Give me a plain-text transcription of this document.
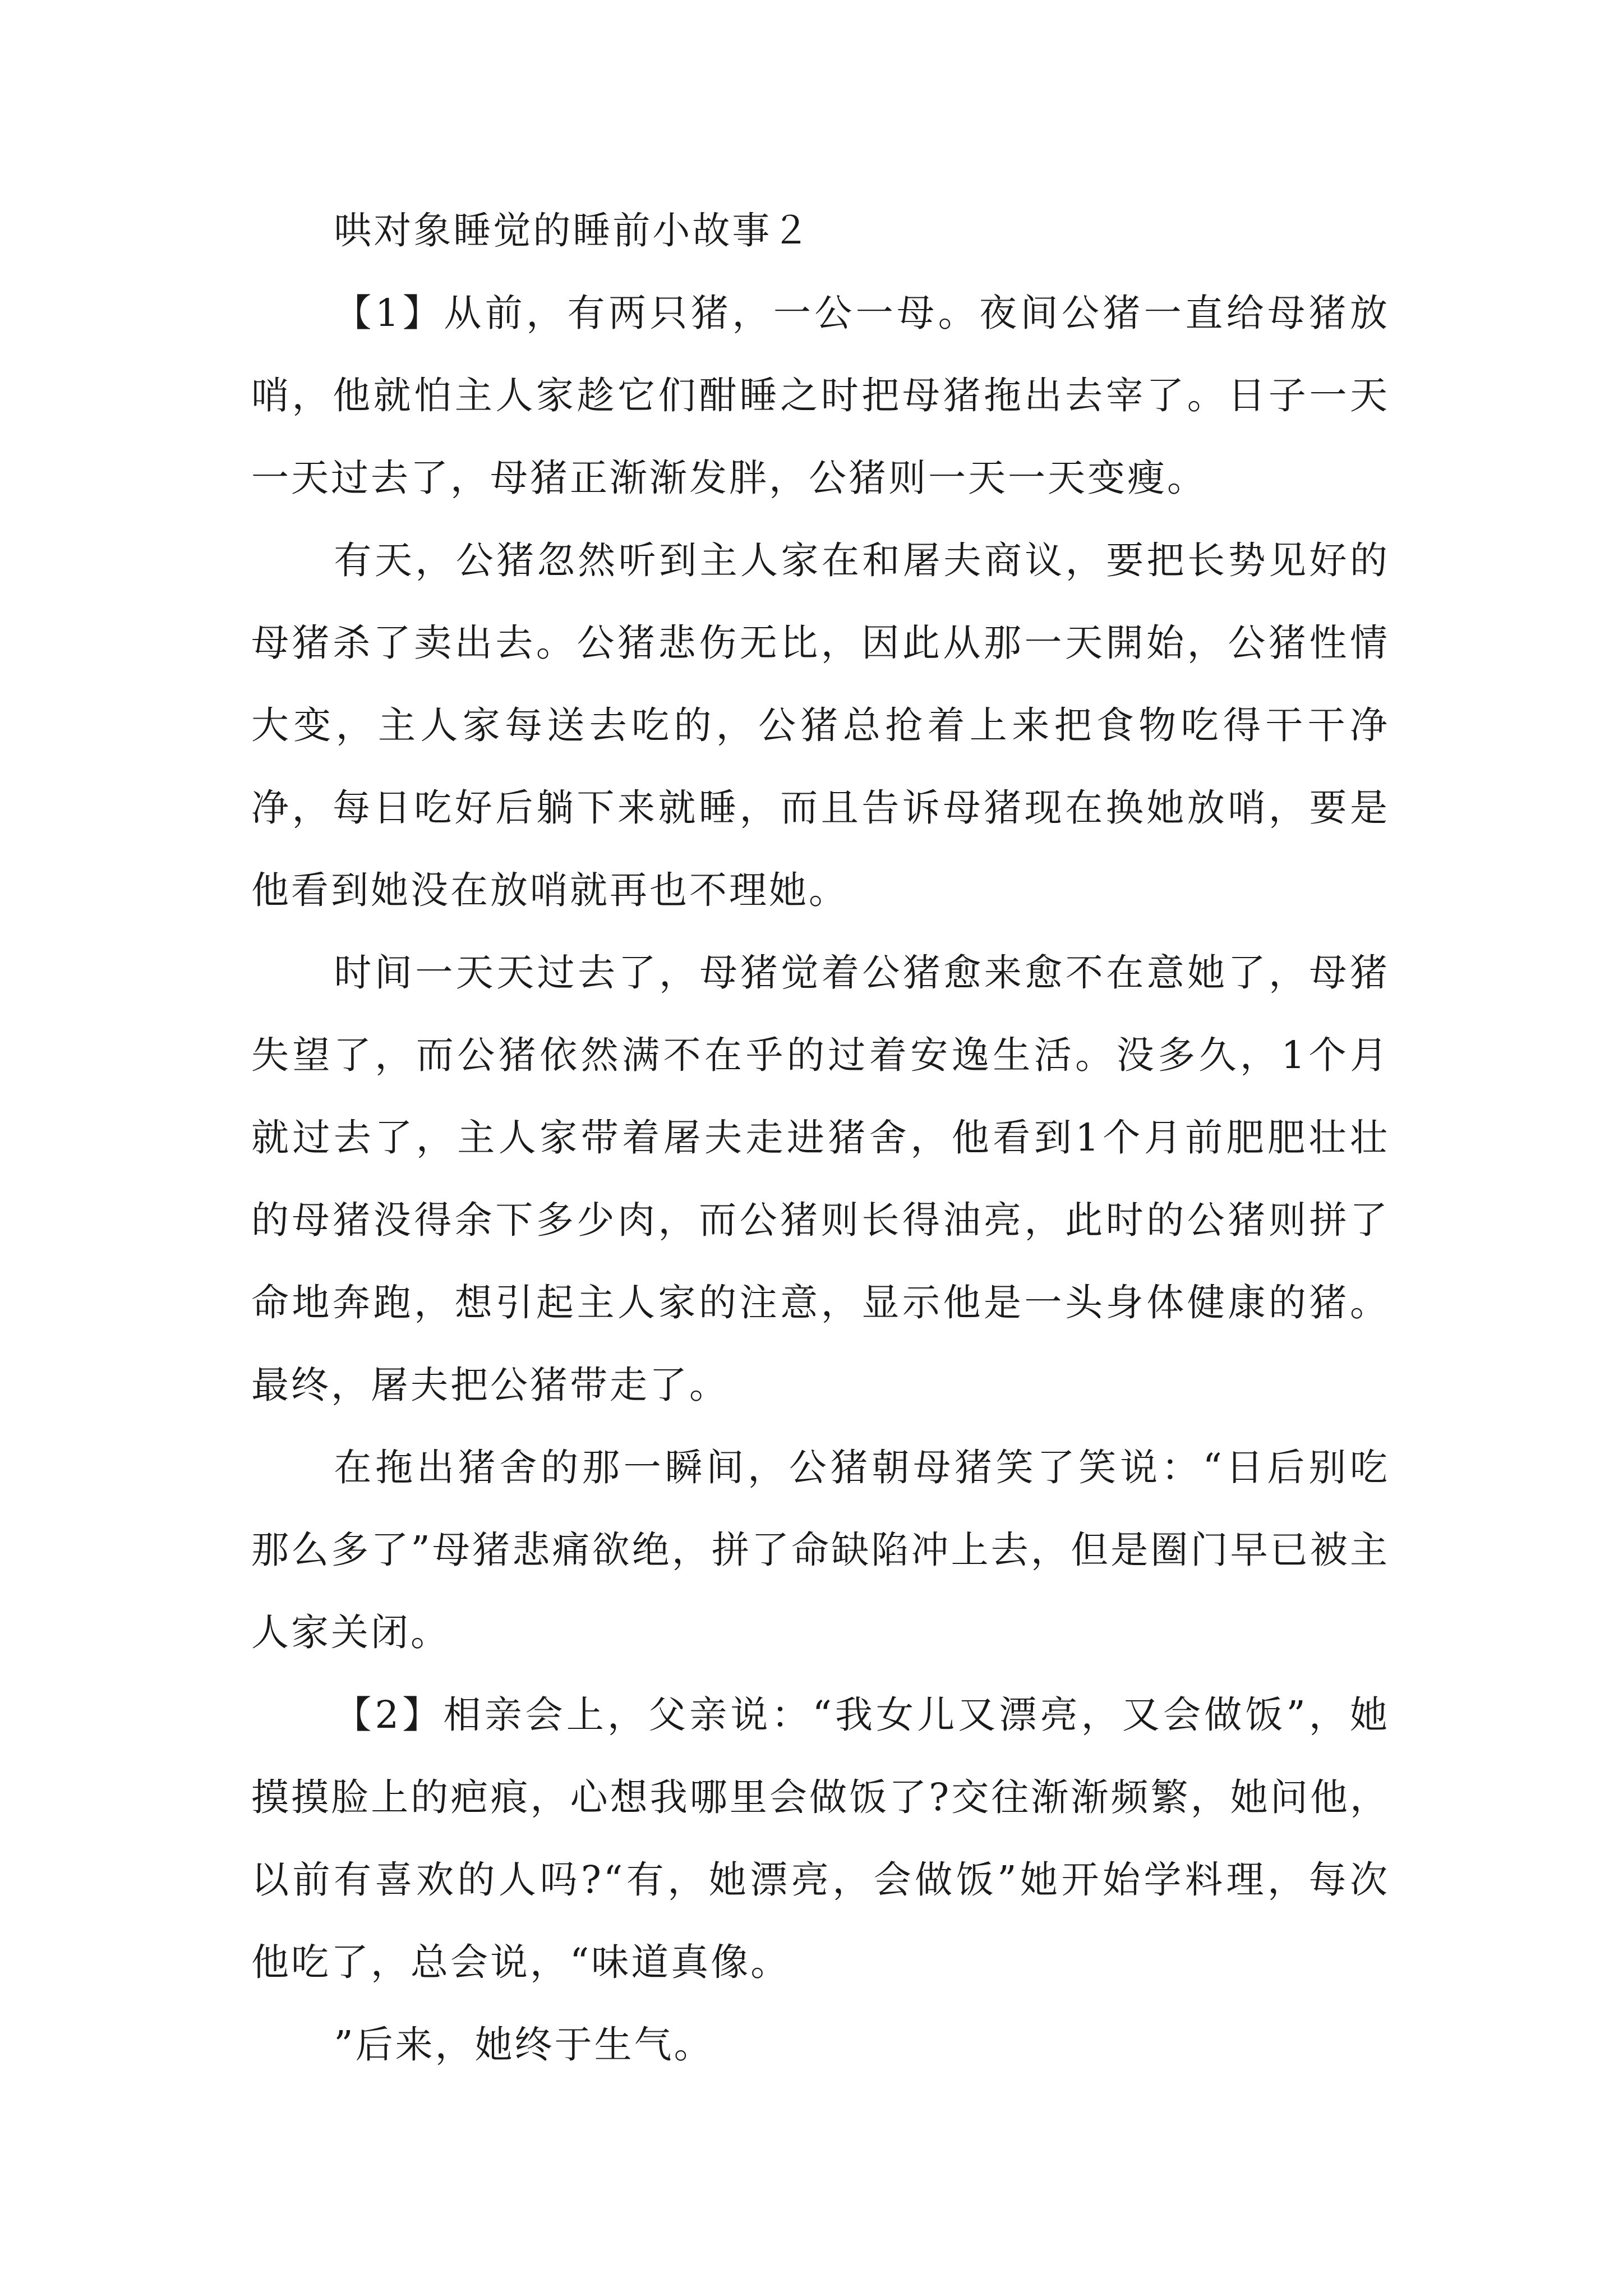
哄对象睡觉的睡前小故事２

【1】从前，有两只猪，一公一母。夜间公猪一直给母猪放哨，他就怕主人家趁它们酣睡之时把母猪拖出去宰了。日子一天一天过去了，母猪正渐渐发胖，公猪则一天一天变瘦。

有天，公猪忽然听到主人家在和屠夫商议，要把长势见好的母猪杀了卖出去。公猪悲伤无比，因此从那一天開始，公猪性情大变，主人家每送去吃的，公猪总抢着上来把食物吃得干干净净，每日吃好后躺下来就睡，而且告诉母猪现在换她放哨，要是他看到她没在放哨就再也不理她。

时间一天天过去了，母猪觉着公猪愈来愈不在意她了，母猪失望了，而公猪依然满不在乎的过着安逸生活。没多久，1个月就过去了，主人家带着屠夫走进猪舍，他看到1个月前肥肥壮壮的母猪没得余下多少肉，而公猪则长得油亮，此时的公猪则拼了命地奔跑，想引起主人家的注意，显示他是一头身体健康的猪。最终，屠夫把公猪带走了。

在拖出猪舍的那一瞬间，公猪朝母猪笑了笑说：“日后别吃那么多了”母猪悲痛欲绝，拼了命缺陷冲上去，但是圈门早已被主人家关闭。

【2】相亲会上，父亲说：“我女儿又漂亮，又会做饭”，她摸摸脸上的疤痕，心想我哪里会做饭了?交往渐渐频繁，她问他，以前有喜欢的人吗?“有，她漂亮，会做饭”她开始学料理，每次他吃了，总会说，“味道真像。

”后来，她终于生气。
